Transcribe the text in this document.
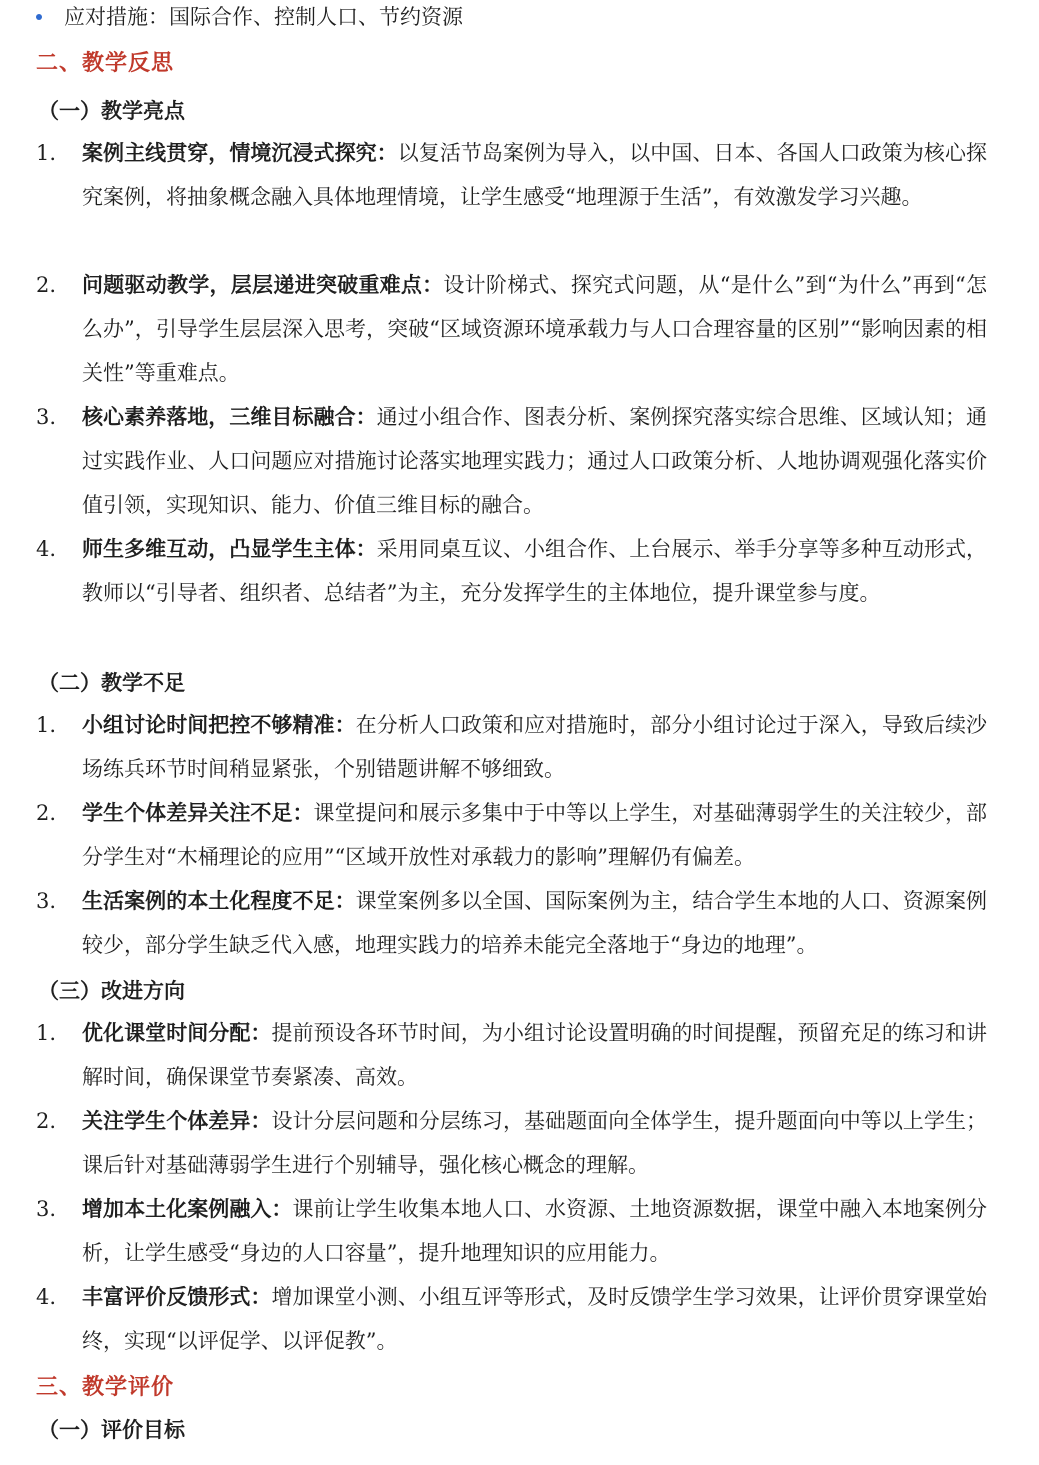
应对措施：国际合作、控制人口、节约资源
二、教学反思
（一）教学亮点
1.	案例主线贯穿，情境沉浸式探究：以复活节岛案例为导入，以中国、日本、各国人口政策为核心探究案例，将抽象概念融入具体地理情境，让学生感受“地理源于生活”，有效激发学习兴趣。
2.	问题驱动教学，层层递进突破重难点：设计阶梯式、探究式问题，从“是什么”到“为什么”再到“怎么办”，引导学生层层深入思考，突破“区域资源环境承载力与人口合理容量的区别”“影响因素的相关性”等重难点。
3.	核心素养落地，三维目标融合：通过小组合作、图表分析、案例探究落实综合思维、区域认知；通过实践作业、人口问题应对措施讨论落实地理实践力；通过人口政策分析、人地协调观强化落实价值引领，实现知识、能力、价值三维目标的融合。
4.	师生多维互动，凸显学生主体：采用同桌互议、小组合作、上台展示、举手分享等多种互动形式，教师以“引导者、组织者、总结者”为主，充分发挥学生的主体地位，提升课堂参与度。
（二）教学不足
1.	小组讨论时间把控不够精准：在分析人口政策和应对措施时，部分小组讨论过于深入，导致后续沙场练兵环节时间稍显紧张，个别错题讲解不够细致。
2.	学生个体差异关注不足：课堂提问和展示多集中于中等以上学生，对基础薄弱学生的关注较少，部分学生对“木桶理论的应用”“区域开放性对承载力的影响”理解仍有偏差。
3.	生活案例的本土化程度不足：课堂案例多以全国、国际案例为主，结合学生本地的人口、资源案例较少，部分学生缺乏代入感，地理实践力的培养未能完全落地于“身边的地理”。
（三）改进方向
1.	优化课堂时间分配：提前预设各环节时间，为小组讨论设置明确的时间提醒，预留充足的练习和讲解时间，确保课堂节奏紧凑、高效。
2.	关注学生个体差异：设计分层问题和分层练习，基础题面向全体学生，提升题面向中等以上学生；课后针对基础薄弱学生进行个别辅导，强化核心概念的理解。
3.	增加本土化案例融入：课前让学生收集本地人口、水资源、土地资源数据，课堂中融入本地案例分析，让学生感受“身边的人口容量”，提升地理知识的应用能力。
4.	丰富评价反馈形式：增加课堂小测、小组互评等形式，及时反馈学生学习效果，让评价贯穿课堂始终，实现“以评促学、以评促教”。
三、教学评价
（一）评价目标
